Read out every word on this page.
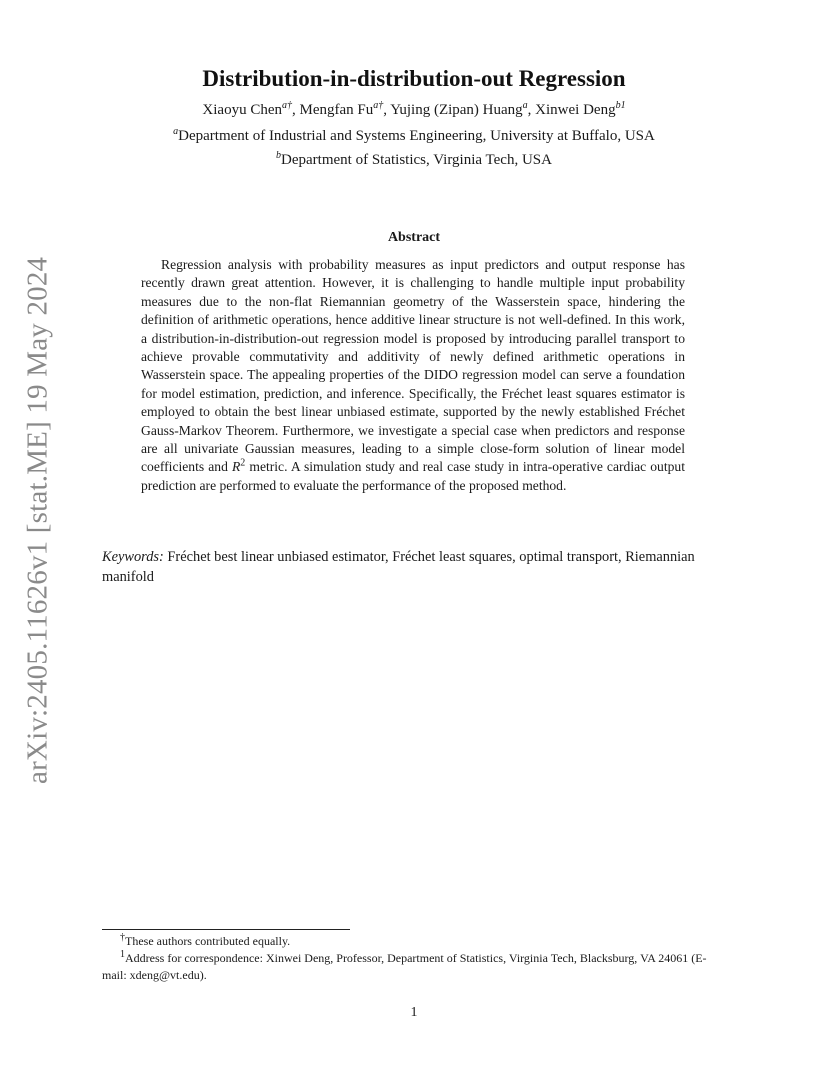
arXiv:2405.11626v1 [stat.ME] 19 May 2024
Distribution-in-distribution-out Regression
Xiaoyu Chen$^{a\dagger}$, Mengfan $Fu^{a\dagger}$, Yujing (Zipan) Huang$^a$, Xinwei Deng$^{b1}$
$^a$Department of Industrial and Systems Engineering, University at Buffalo, USA
$^b$Department of Statistics, Virginia Tech, USA
Abstract

Regression analysis with probability measures as input predictors and output response has recently drawn great attention. However, it is challenging to handle multiple input probability measures due to the non-flat Riemannian geometry of the Wasserstein space, hindering the definition of arithmetic operations, hence additive linear structure is not well-defined. In this work, a distribution-in-distribution-out regression model is proposed by introducing parallel transport to achieve provable commutativity and additivity of newly defined arithmetic operations in Wasserstein space. The appealing properties of the DIDO regression model can serve a foundation for model estimation, prediction, and inference. Specifically, the Fréchet least squares estimator is employed to obtain the best linear unbiased estimate, supported by the newly established Fréchet Gauss-Markov Theorem. Furthermore, we investigate a special case when predictors and response are all univariate Gaussian measures, leading to a simple close-form solution of linear model coefficients and $R^2$ metric. A simulation study and real case study in intra-operative cardiac output prediction are performed to evaluate the performance of the proposed method.

Keywords: Fréchet best linear unbiased estimator, Fréchet least squares, optimal transport, Riemannian manifold

†These authors contributed equally.

$^1$Address for correspondence: Xinwei Deng, Professor, Department of Statistics, Virginia Tech, Blacksburg, VA 24061 (E-mail: xdeng@vt.edu).

1
